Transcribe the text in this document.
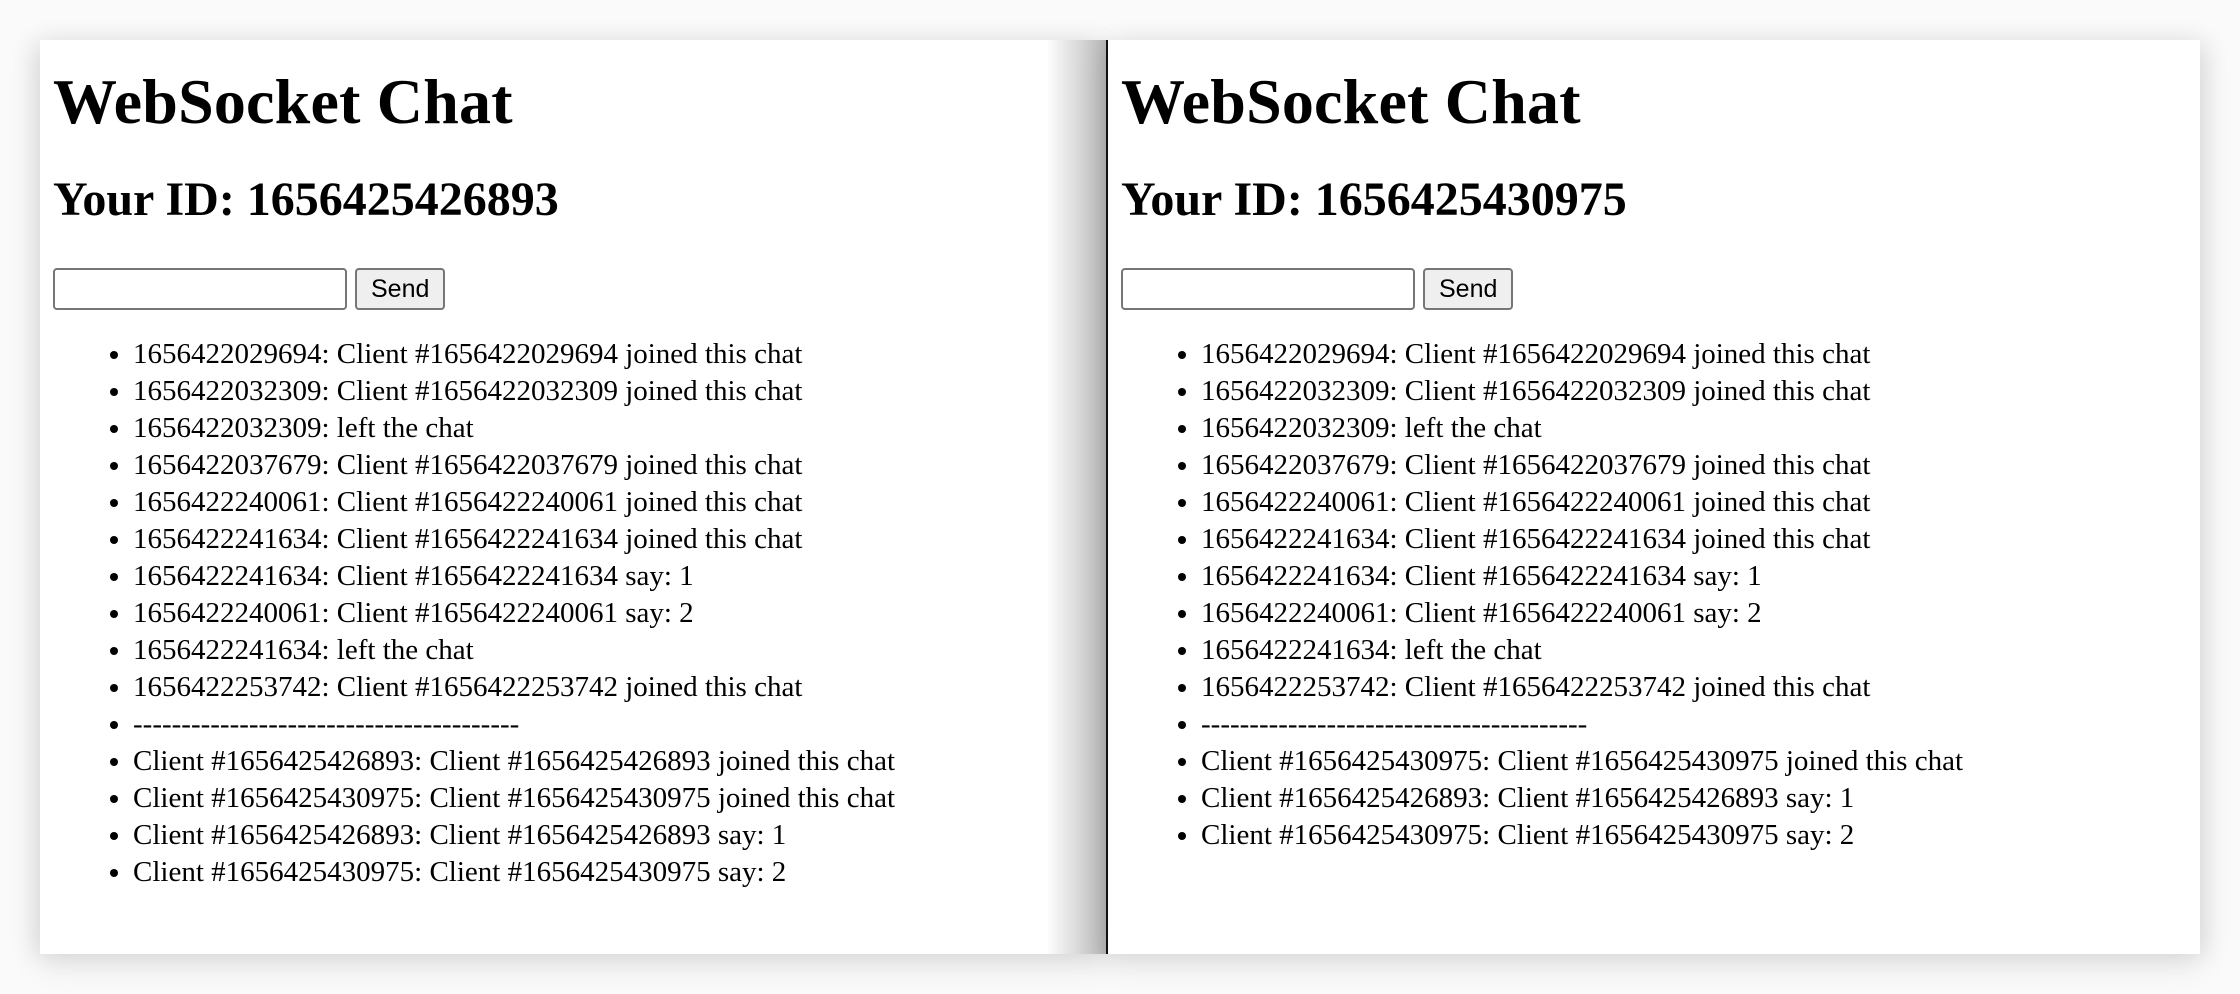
WebSocket Chat
Your ID: 1656425426893
Send
• 1656422029694: Client #1656422029694 joined this chat
• 1656422032309: Client #1656422032309 joined this chat
• 1656422032309: left the chat
• 1656422037679: Client #1656422037679 joined this chat
• 1656422240061: Client #1656422240061 joined this chat
• 1656422241634: Client #1656422241634 joined this chat
• 1656422241634: Client #1656422241634 say: 1
• 1656422240061: Client #1656422240061 say: 2
• 1656422241634: left the chat
• 1656422253742: Client #1656422253742 joined this chat
• ----------------------------------------
• Client #1656425426893: Client #1656425426893 joined this chat
• Client #1656425430975: Client #1656425430975 joined this chat
• Client #1656425426893: Client #1656425426893 say: 1
• Client #1656425430975: Client #1656425430975 say: 2
WebSocket Chat
Your ID: 1656425430975
Send
• 1656422029694: Client #1656422029694 joined this chat
• 1656422032309: Client #1656422032309 joined this chat
• 1656422032309: left the chat
• 1656422037679: Client #1656422037679 joined this chat
• 1656422240061: Client #1656422240061 joined this chat
• 1656422241634: Client #1656422241634 joined this chat
• 1656422241634: Client #1656422241634 say: 1
• 1656422240061: Client #1656422240061 say: 2
• 1656422241634: left the chat
• 1656422253742: Client #1656422253742 joined this chat
• ----------------------------------------
• Client #1656425430975: Client #1656425430975 joined this chat
• Client #1656425426893: Client #1656425426893 say: 1
• Client #1656425430975: Client #1656425430975 say: 2
